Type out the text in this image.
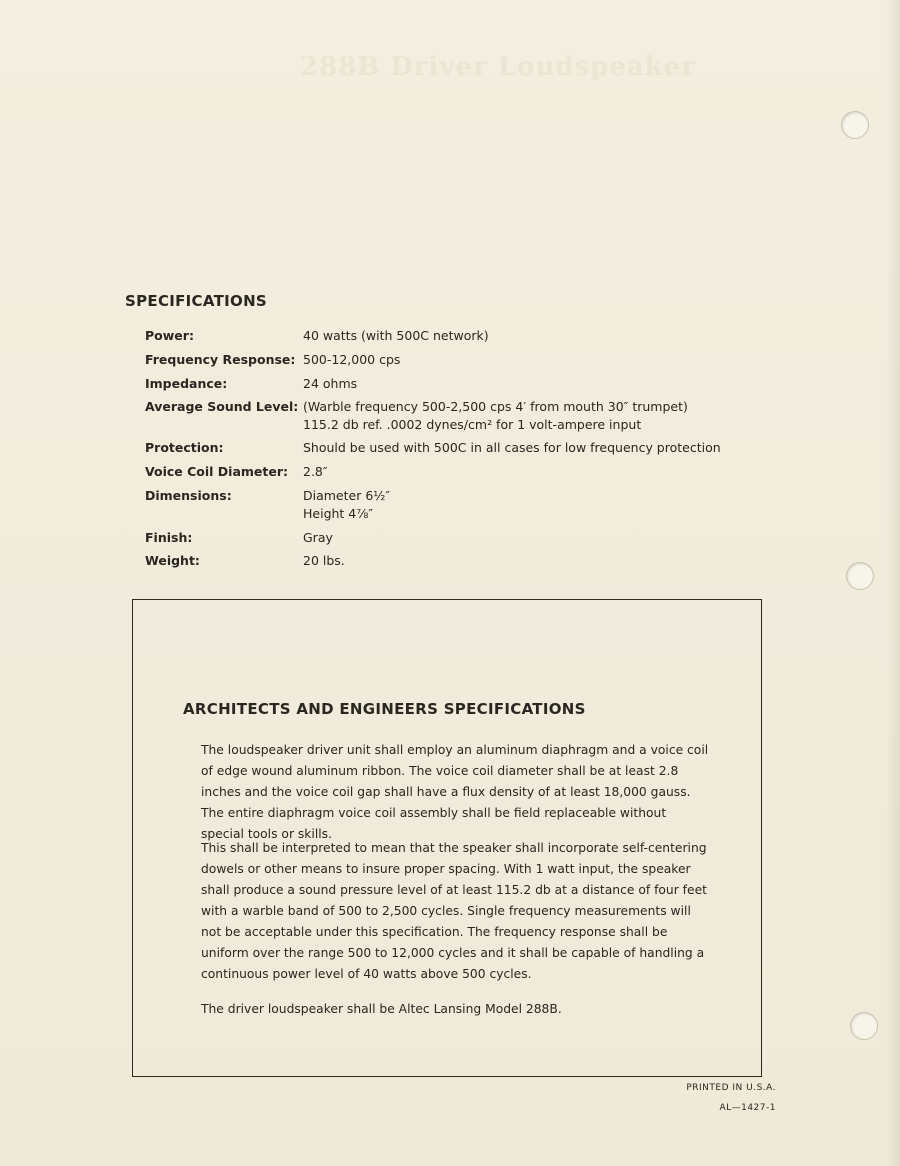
288B Driver Loudspeaker
SPECIFICATIONS
Power:	40 watts (with 500C network)
Frequency Response: 500-12,000 cps
Impedance:	24 ohms
Average Sound Level: (Warble frequency 500-2,500 cps 4′ from mouth 30″ trumpet)
115.2 db ref. .0002 dynes/cm² for 1 volt-ampere input
Protection:	Should be used with 500C in all cases for low frequency protection
Voice Coil Diameter: 2.8″
Dimensions:	Diameter 6½″
Height 4⅞″
Finish:	Gray
Weight:	20 lbs.
ARCHITECTS AND ENGINEERS SPECIFICATIONS
The loudspeaker driver unit shall employ an aluminum diaphragm and a voice coil of edge wound aluminum ribbon. The voice coil diameter shall be at least 2.8 inches and the voice coil gap shall have a flux density of at least 18,000 gauss. The entire diaphragm voice coil assembly shall be field replaceable without special tools or skills.
This shall be interpreted to mean that the speaker shall incorporate self-centering dowels or other means to insure proper spacing. With 1 watt input, the speaker shall produce a sound pressure level of at least 115.2 db at a distance of four feet with a warble band of 500 to 2,500 cycles. Single frequency measurements will not be acceptable under this specification. The frequency response shall be uniform over the range 500 to 12,000 cycles and it shall be capable of handling a continuous power level of 40 watts above 500 cycles.
The driver loudspeaker shall be Altec Lansing Model 288B.
PRINTED IN U.S.A.
AL—1427-1
